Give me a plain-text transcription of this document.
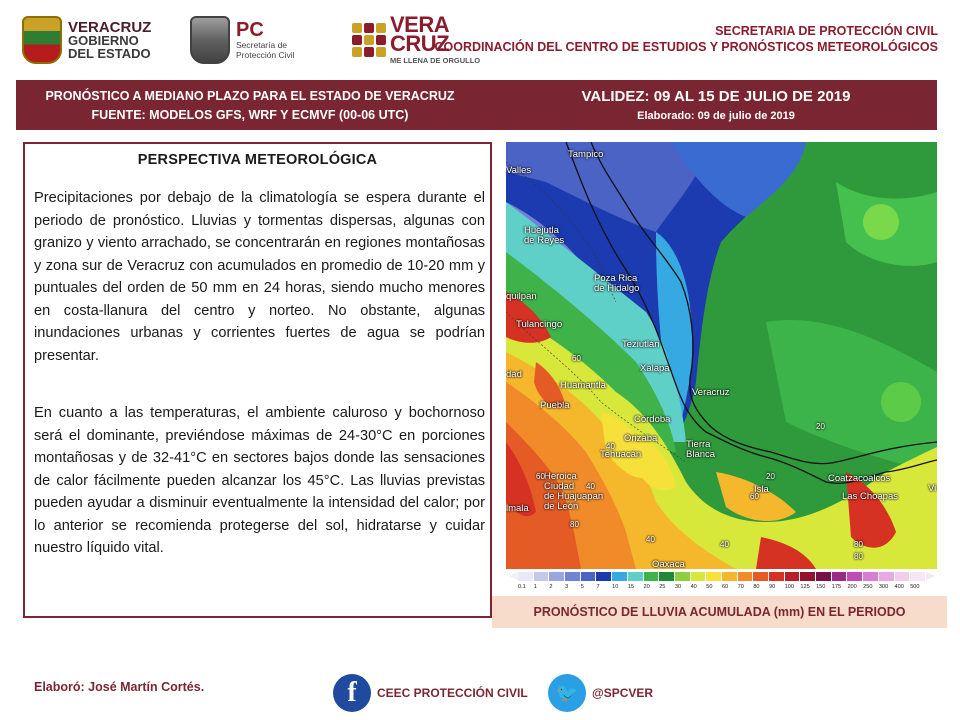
VERACRUZ
GOBIERNO
DEL ESTADO
PC
Secretaría de
Protección Civil
VERA
CRUZ
ME LLENA DE ORGULLO
SECRETARIA DE PROTECCIÓN CIVIL
COORDINACIÓN DEL CENTRO DE ESTUDIOS Y PRONÓSTICOS METEOROLÓGICOS
PRONÓSTICO A MEDIANO PLAZO PARA EL ESTADO DE VERACRUZ
FUENTE: MODELOS GFS, WRF Y ECMVF (00-06 UTC)
VALIDEZ: 09 AL 15 DE JULIO DE 2019
Elaborado: 09 de julio de 2019
PERSPECTIVA METEOROLÓGICA

Precipitaciones por debajo de la climatología se espera durante el periodo de pronóstico. Lluvias y tormentas dispersas, algunas con granizo y viento arrachado, se concentrarán en regiones montañosas y zona sur de Veracruz con acumulados en promedio de 10-20 mm y puntuales del orden de 50 mm en 24 horas, siendo mucho menores en costa-llanura del centro y norteo. No obstante, algunas inundaciones urbanas y corrientes fuertes de agua se podrían presentar.

En cuanto a las temperaturas, el ambiente caluroso y bochornoso será el dominante, previéndose máximas de 24-30°C en porciones montañosas y de 32-41°C en sectores bajos donde las sensaciones de calor fácilmente pueden alcanzar los 45°C. Las lluvias previstas pueden ayudar a disminuir eventualmente la intensidad del calor; por lo anterior se recomienda protegerse del sol, hidratarse y cuidar nuestro líquido vital.

Tampico
Valles
Huejutla
de Reyes
Poza Rica
de Hidalgo
quilpan
Tulancingo
Teziutlán
Xalapa
Huamantla
Veracruz
Puebla
Córdoba
Orizaba
Tehuacán
Tierra
Blanca
Heroica
Ciudad
de Huajuapan
de León
Isla
Coatzacoalcos
Las Choapas
Oaxaca
dad
lmala
Vi
60
20
40
40
80
40
60
20
80
40
60
80
0.1	1	2	3	5	7	10	15	20	25	30	40	50	60	70	80	90	100	125	150	175	200	250	300	400	500
PRONÓSTICO DE LLUVIA ACUMULADA (mm) EN EL PERIODO
Elaboró: José Martín Cortés.	f	CEEC PROTECCIÓN CIVIL	🐦	@SPCVER
